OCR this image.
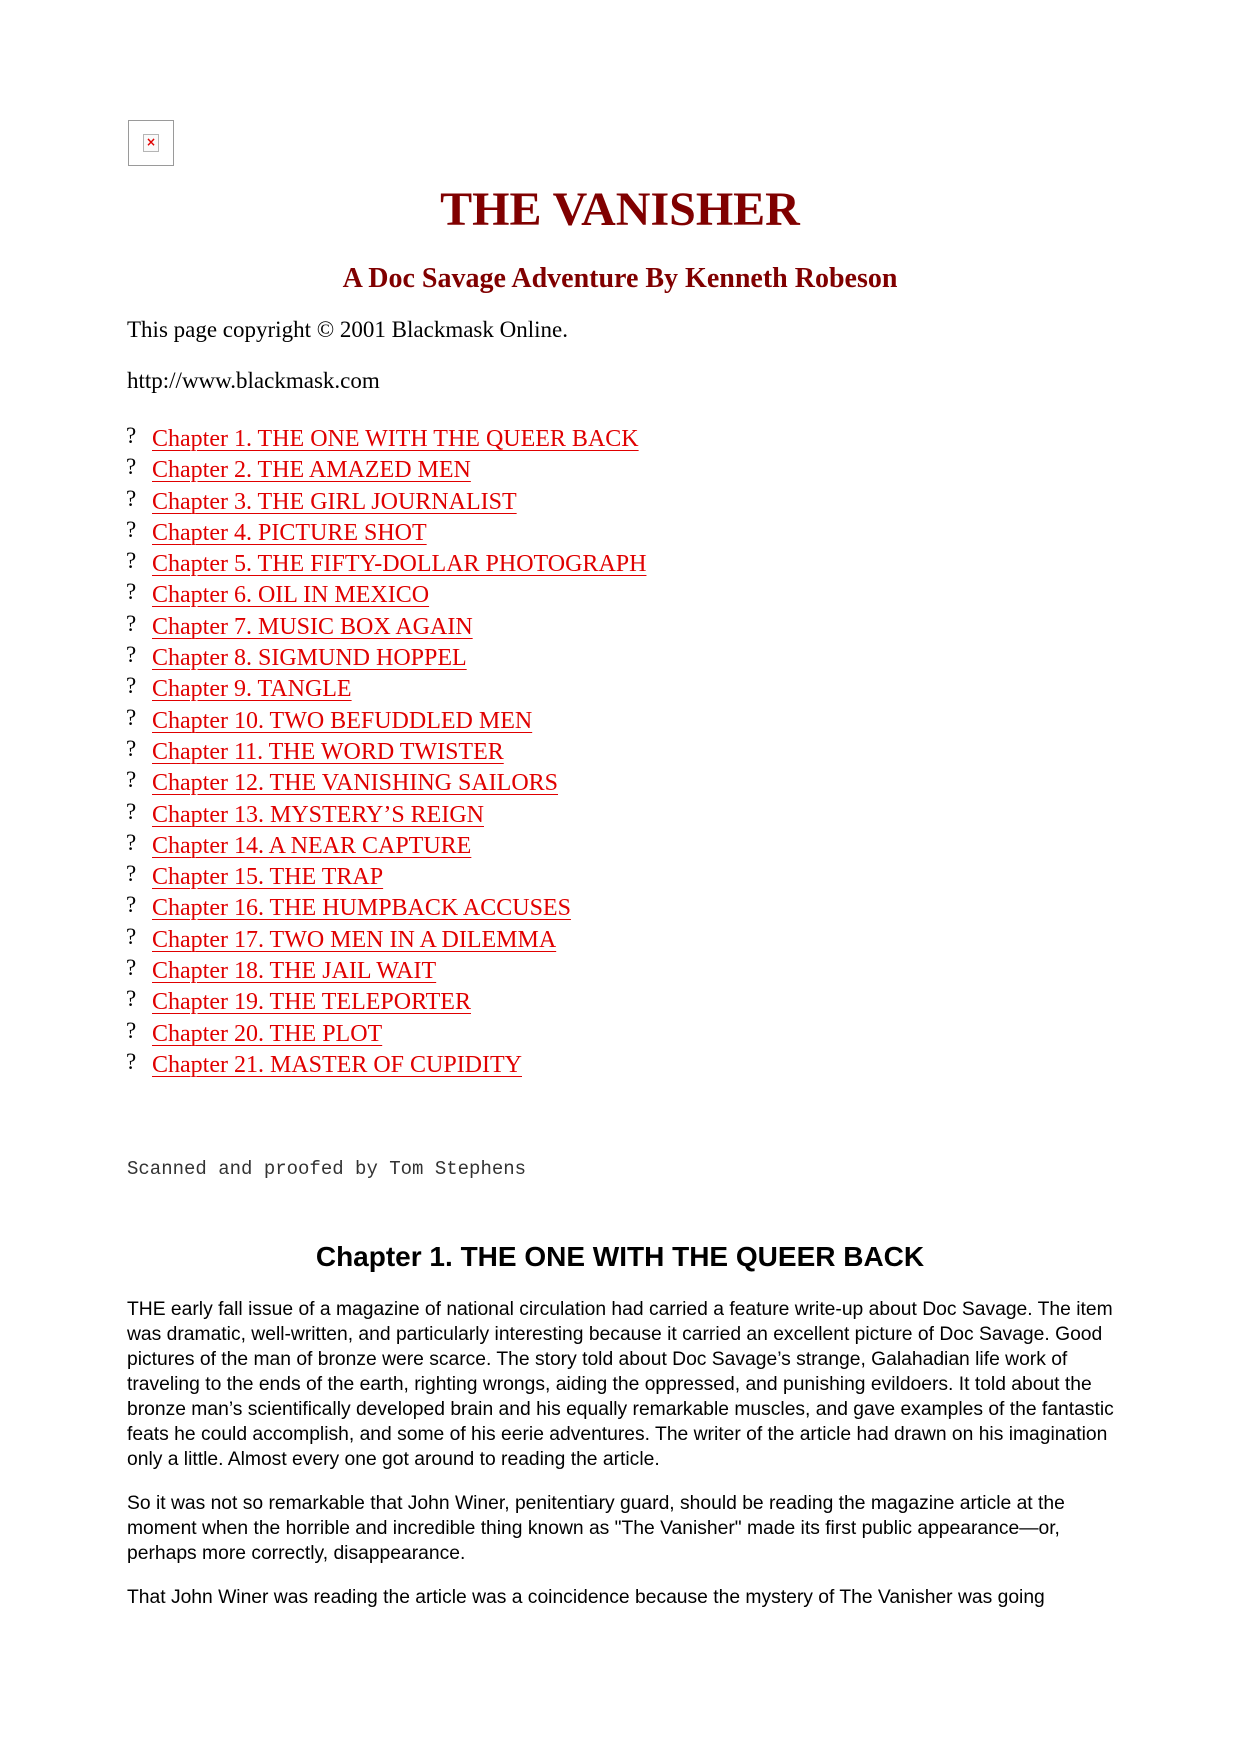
×
THE VANISHER
A Doc Savage Adventure By Kenneth Robeson

This page copyright © 2001 Blackmask Online.

http://www.blackmask.com

? Chapter 1. THE ONE WITH THE QUEER BACK
? Chapter 2. THE AMAZED MEN
? Chapter 3. THE GIRL JOURNALIST
? Chapter 4. PICTURE SHOT
? Chapter 5. THE FIFTY-DOLLAR PHOTOGRAPH
? Chapter 6. OIL IN MEXICO
? Chapter 7. MUSIC BOX AGAIN
? Chapter 8. SIGMUND HOPPEL
? Chapter 9. TANGLE
? Chapter 10. TWO BEFUDDLED MEN
? Chapter 11. THE WORD TWISTER
? Chapter 12. THE VANISHING SAILORS
? Chapter 13. MYSTERY’S REIGN
? Chapter 14. A NEAR CAPTURE
? Chapter 15. THE TRAP
? Chapter 16. THE HUMPBACK ACCUSES
? Chapter 17. TWO MEN IN A DILEMMA
? Chapter 18. THE JAIL WAIT
? Chapter 19. THE TELEPORTER
? Chapter 20. THE PLOT
? Chapter 21. MASTER OF CUPIDITY

Scanned and proofed by Tom Stephens

Chapter 1. THE ONE WITH THE QUEER BACK

THE early fall issue of a magazine of national circulation had carried a feature write-up about Doc Savage. The item was dramatic, well-written, and particularly interesting because it carried an excellent picture of Doc Savage. Good pictures of the man of bronze were scarce. The story told about Doc Savage’s strange, Galahadian life work of traveling to the ends of the earth, righting wrongs, aiding the oppressed, and punishing evildoers. It told about the bronze man’s scientifically developed brain and his equally remarkable muscles, and gave examples of the fantastic feats he could accomplish, and some of his eerie adventures. The writer of the article had drawn on his imagination only a little. Almost every one got around to reading the article.

So it was not so remarkable that John Winer, penitentiary guard, should be reading the magazine article at the moment when the horrible and incredible thing known as "The Vanisher" made its first public appearance—or, perhaps more correctly, disappearance.

That John Winer was reading the article was a coincidence because the mystery of The Vanisher was going
